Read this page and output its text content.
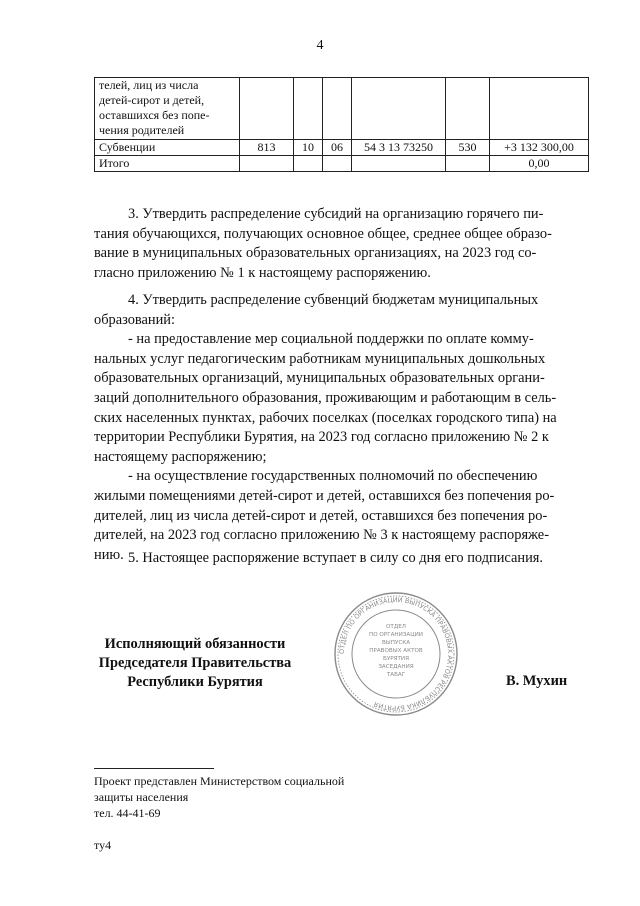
4
телей, лиц из числа
детей-сирот и детей,
оставшихся без попе-
чения родителей						

Субвенции	813	10	06	54 3 13 73250	530	+3 132 300,00
Итого						0,00
3. Утвердить распределение субсидий на организацию горячего пи-
тания обучающихся, получающих основное общее, среднее общее образо-
вание в муниципальных образовательных организациях, на 2023 год со-
гласно приложению № 1 к настоящему распоряжению.
4. Утвердить распределение субвенций бюджетам муниципальных
образований:
- на предоставление мер социальной поддержки по оплате комму-
нальных услуг педагогическим работникам муниципальных дошкольных
образовательных организаций, муниципальных образовательных органи-
заций дополнительного образования, проживающим и работающим в сель-
ских населенных пунктах, рабочих поселках (поселках городского типа) на
территории Республики Бурятия, на 2023 год согласно приложению № 2 к
настоящему распоряжению;
- на осуществление государственных полномочий по обеспечению
жилыми помещениями детей-сирот и детей, оставшихся без попечения ро-
дителей, лиц из числа детей-сирот и детей, оставшихся без попечения ро-
дителей, на 2023 год согласно приложению № 3 к настоящему распоряже-
нию. 5. Настоящее распоряжение вступает в силу со дня его подписания.
Исполняющий обязанности
Председателя Правительства
Республики Бурятия
ОТДЕЛ ПО ОРГАНИЗАЦИИ ВЫПУСКА ПРАВОВЫХ АКТОВ РЕСПУБЛИКА БУРЯТИЯ
ОТДЕЛ
ПО ОРГАНИЗАЦИИ
ВЫПУСКА
ПРАВОВЫХ АКТОВ
БУРЯТИЯ
ЗАСЕДАНИЯ
ТАБАГ	В. Мухин
Проект представлен Министерством социальной
защиты населения
тел. 44-41-69
ту4
